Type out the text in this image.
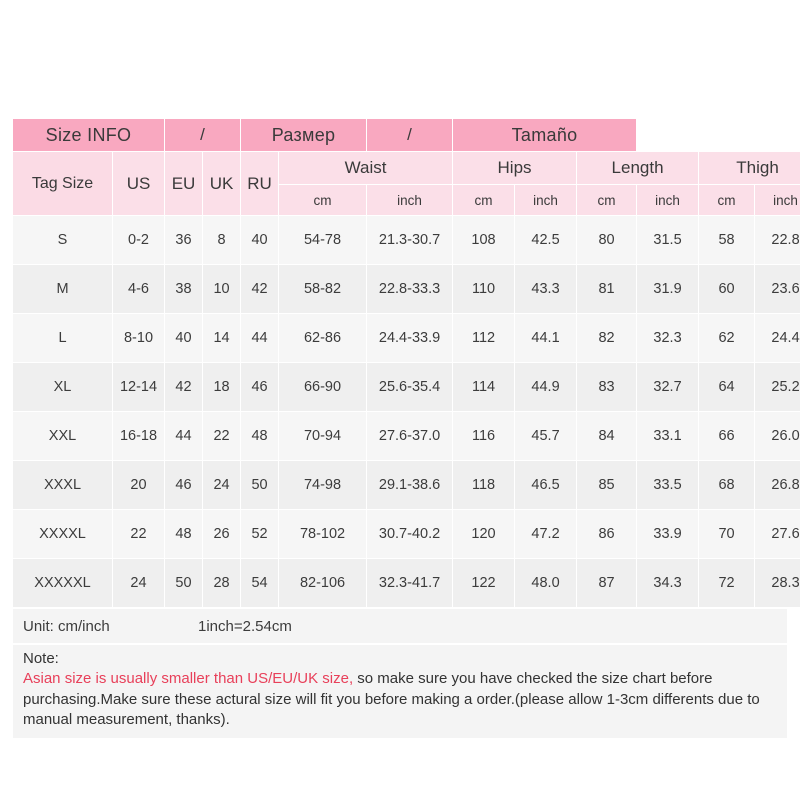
Size INFO		/		Размер		/	Tamaño					
Tag Size	US	EU	UK	RU	Waist		Hips		Length		Thigh	
					cm	inch	cm	inch	cm	inch	cm	inch
S	0-2	36	8	40	54-78	21.3-30.7	108	42.5	80	31.5	58	22.8
M	4-6	38	10	42	58-82	22.8-33.3	110	43.3	81	31.9	60	23.6
L	8-10	40	14	44	62-86	24.4-33.9	112	44.1	82	32.3	62	24.4
XL	12-14	42	18	46	66-90	25.6-35.4	114	44.9	83	32.7	64	25.2
XXL	16-18	44	22	48	70-94	27.6-37.0	116	45.7	84	33.1	66	26.0
XXXL	20	46	24	50	74-98	29.1-38.6	118	46.5	85	33.5	68	26.8
XXXXL	22	48	26	52	78-102	30.7-40.2	120	47.2	86	33.9	70	27.6
XXXXXL	24	50	28	54	82-106	32.3-41.7	122	48.0	87	34.3	72	28.3
Unit: cm/inch	1inch=2.54cm
Note:
Asian size is usually smaller than US/EU/UK size, so make sure you have checked the size chart before purchasing.Make sure these actural size will fit you before making a order.(please allow 1-3cm differents due to manual measurement, thanks).
